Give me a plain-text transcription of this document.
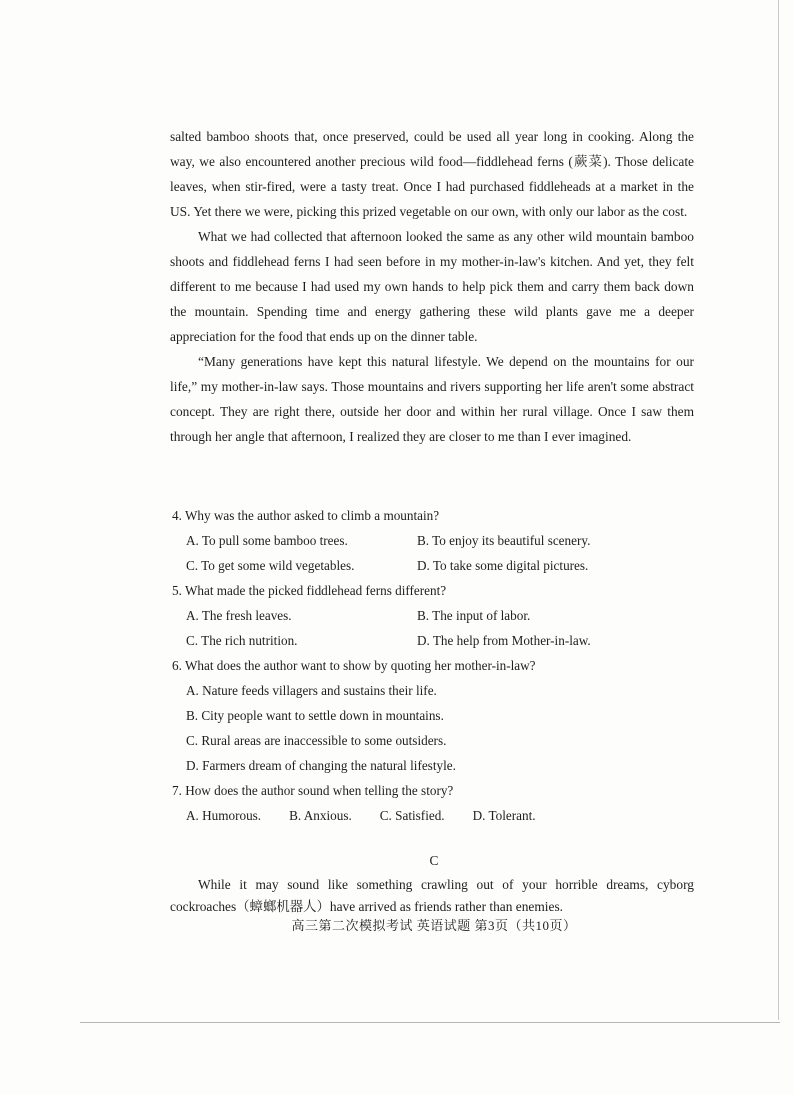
salted bamboo shoots that, once preserved, could be used all year long in cooking. Along the way, we also encountered another precious wild food—fiddlehead ferns (蕨菜). Those delicate leaves, when stir-fired, were a tasty treat. Once I had purchased fiddleheads at a market in the US. Yet there we were, picking this prized vegetable on our own, with only our labor as the cost.

What we had collected that afternoon looked the same as any other wild mountain bamboo shoots and fiddlehead ferns I had seen before in my mother-in-law's kitchen. And yet, they felt different to me because I had used my own hands to help pick them and carry them back down the mountain. Spending time and energy gathering these wild plants gave me a deeper appreciation for the food that ends up on the dinner table.

“Many generations have kept this natural lifestyle. We depend on the mountains for our life,” my mother-in-law says. Those mountains and rivers supporting her life aren't some abstract concept. They are right there, outside her door and within her rural village. Once I saw them through her angle that afternoon, I realized they are closer to me than I ever imagined.

4. Why was the author asked to climb a mountain?

A. To pull some bamboo trees.	B. To enjoy its beautiful scenery.
C. To get some wild vegetables.	D. To take some digital pictures.

5. What made the picked fiddlehead ferns different?

A. The fresh leaves.	B. The input of labor.
C. The rich nutrition.	D. The help from Mother-in-law.

6. What does the author want to show by quoting her mother-in-law?

A. Nature feeds villagers and sustains their life.
B. City people want to settle down in mountains.
C. Rural areas are inaccessible to some outsiders.
D. Farmers dream of changing the natural lifestyle.

7. How does the author sound when telling the story?

A. Humorous. B. Anxious. C. Satisfied. D. Tolerant.
C
While it may sound like something crawling out of your horrible dreams, cyborg cockroaches（蟑螂机器人）have arrived as friends rather than enemies.
高三第二次模拟考试 英语试题 第3页（共10页）
